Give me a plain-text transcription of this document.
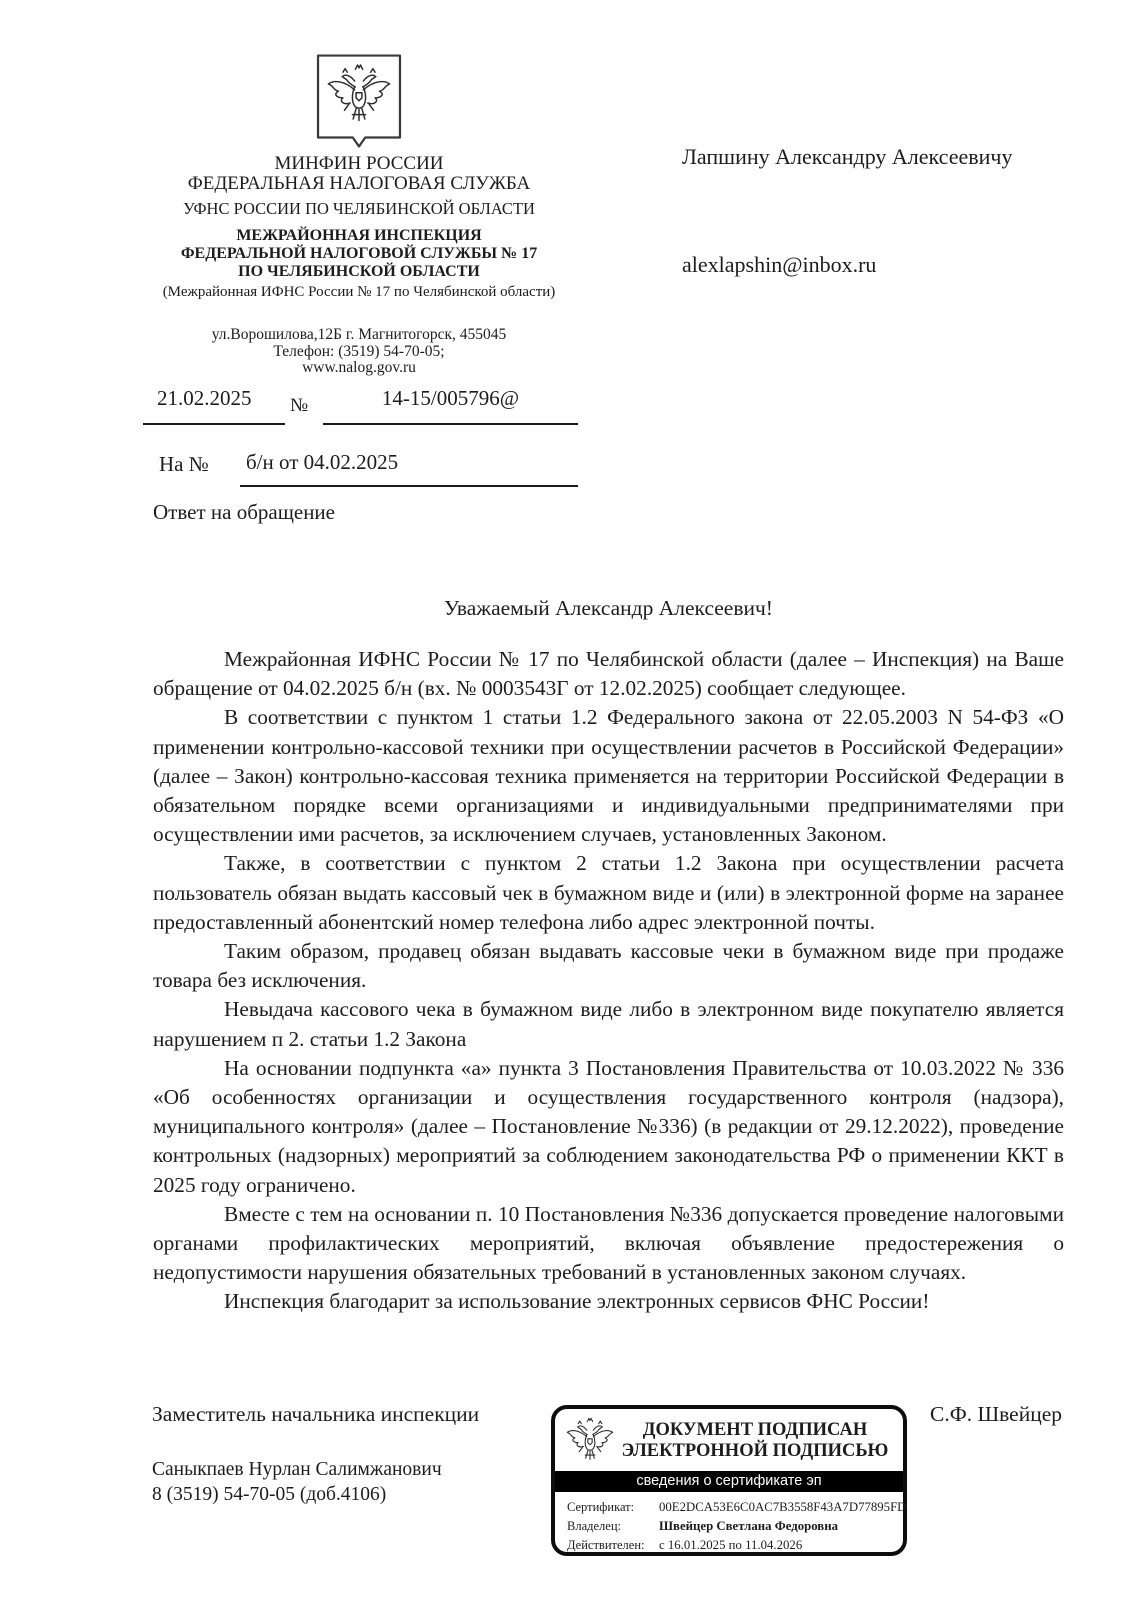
МИНФИН РОССИИ
ФЕДЕРАЛЬНАЯ НАЛОГОВАЯ СЛУЖБА
УФНС РОССИИ ПО ЧЕЛЯБИНСКОЙ ОБЛАСТИ
МЕЖРАЙОННАЯ ИНСПЕКЦИЯ
ФЕДЕРАЛЬНОЙ НАЛОГОВОЙ СЛУЖБЫ № 17
ПО ЧЕЛЯБИНСКОЙ ОБЛАСТИ
(Межрайонная ИФНС России № 17 по Челябинской области)
Лапшину Александру Алексеевичу
alexlapshin@inbox.ru
ул.Ворошилова,12Б г. Магнитогорск, 455045
Телефон: (3519) 54-70-05;
www.nalog.gov.ru
21.02.2025	№	14-15/005796@
На № б/н от 04.02.2025
Ответ на обращение
Уважаемый Александр Алексеевич!

Межрайонная ИФНС России № 17 по Челябинской области (далее – Инспекция) на Ваше обращение от 04.02.2025 б/н (вх. № 0003543Г от 12.02.2025) сообщает следующее.

В соответствии с пунктом 1 статьи 1.2 Федерального закона от 22.05.2003 N 54-ФЗ «О применении контрольно-кассовой техники при осуществлении расчетов в Российской Федерации» (далее – Закон) контрольно-кассовая техника применяется на территории Российской Федерации в обязательном порядке всеми организациями и индивидуальными предпринимателями при осуществлении ими расчетов, за исключением случаев, установленных Законом.

Также, в соответствии с пунктом 2 статьи 1.2 Закона при осуществлении расчета пользователь обязан выдать кассовый чек в бумажном виде и (или) в электронной форме на заранее предоставленный абонентский номер телефона либо адрес электронной почты.

Таким образом, продавец обязан выдавать кассовые чеки в бумажном виде при продаже товара без исключения.

Невыдача кассового чека в бумажном виде либо в электронном виде покупателю является нарушением п 2. статьи 1.2 Закона

На основании подпункта «а» пункта 3 Постановления Правительства от 10.03.2022 № 336 «Об особенностях организации и осуществления государственного контроля (надзора), муниципального контроля» (далее – Постановление №336) (в редакции от 29.12.2022), проведение контрольных (надзорных) мероприятий за соблюдением законодательства РФ о применении ККТ в 2025 году ограничено.

Вместе с тем на основании п. 10 Постановления №336 допускается проведение налоговыми органами профилактических мероприятий, включая объявление предостережения о недопустимости нарушения обязательных требований в установленных законом случаях.

Инспекция благодарит за использование электронных сервисов ФНС России!

Заместитель начальника инспекции	С.Ф. Швейцер
ДОКУМЕНТ ПОДПИСАН
ЭЛЕКТРОННОЙ ПОДПИСЬЮ
сведения о сертификате эп
Сертификат:	00E2DCA53E6C0AC7B3558F43A7D77895FD
Владелец:	Швейцер Светлана Федоровна
Действителен:	с 16.01.2025 по 11.04.2026
Саныкпаев Нурлан Салимжанович
8 (3519) 54-70-05 (доб.4106)
